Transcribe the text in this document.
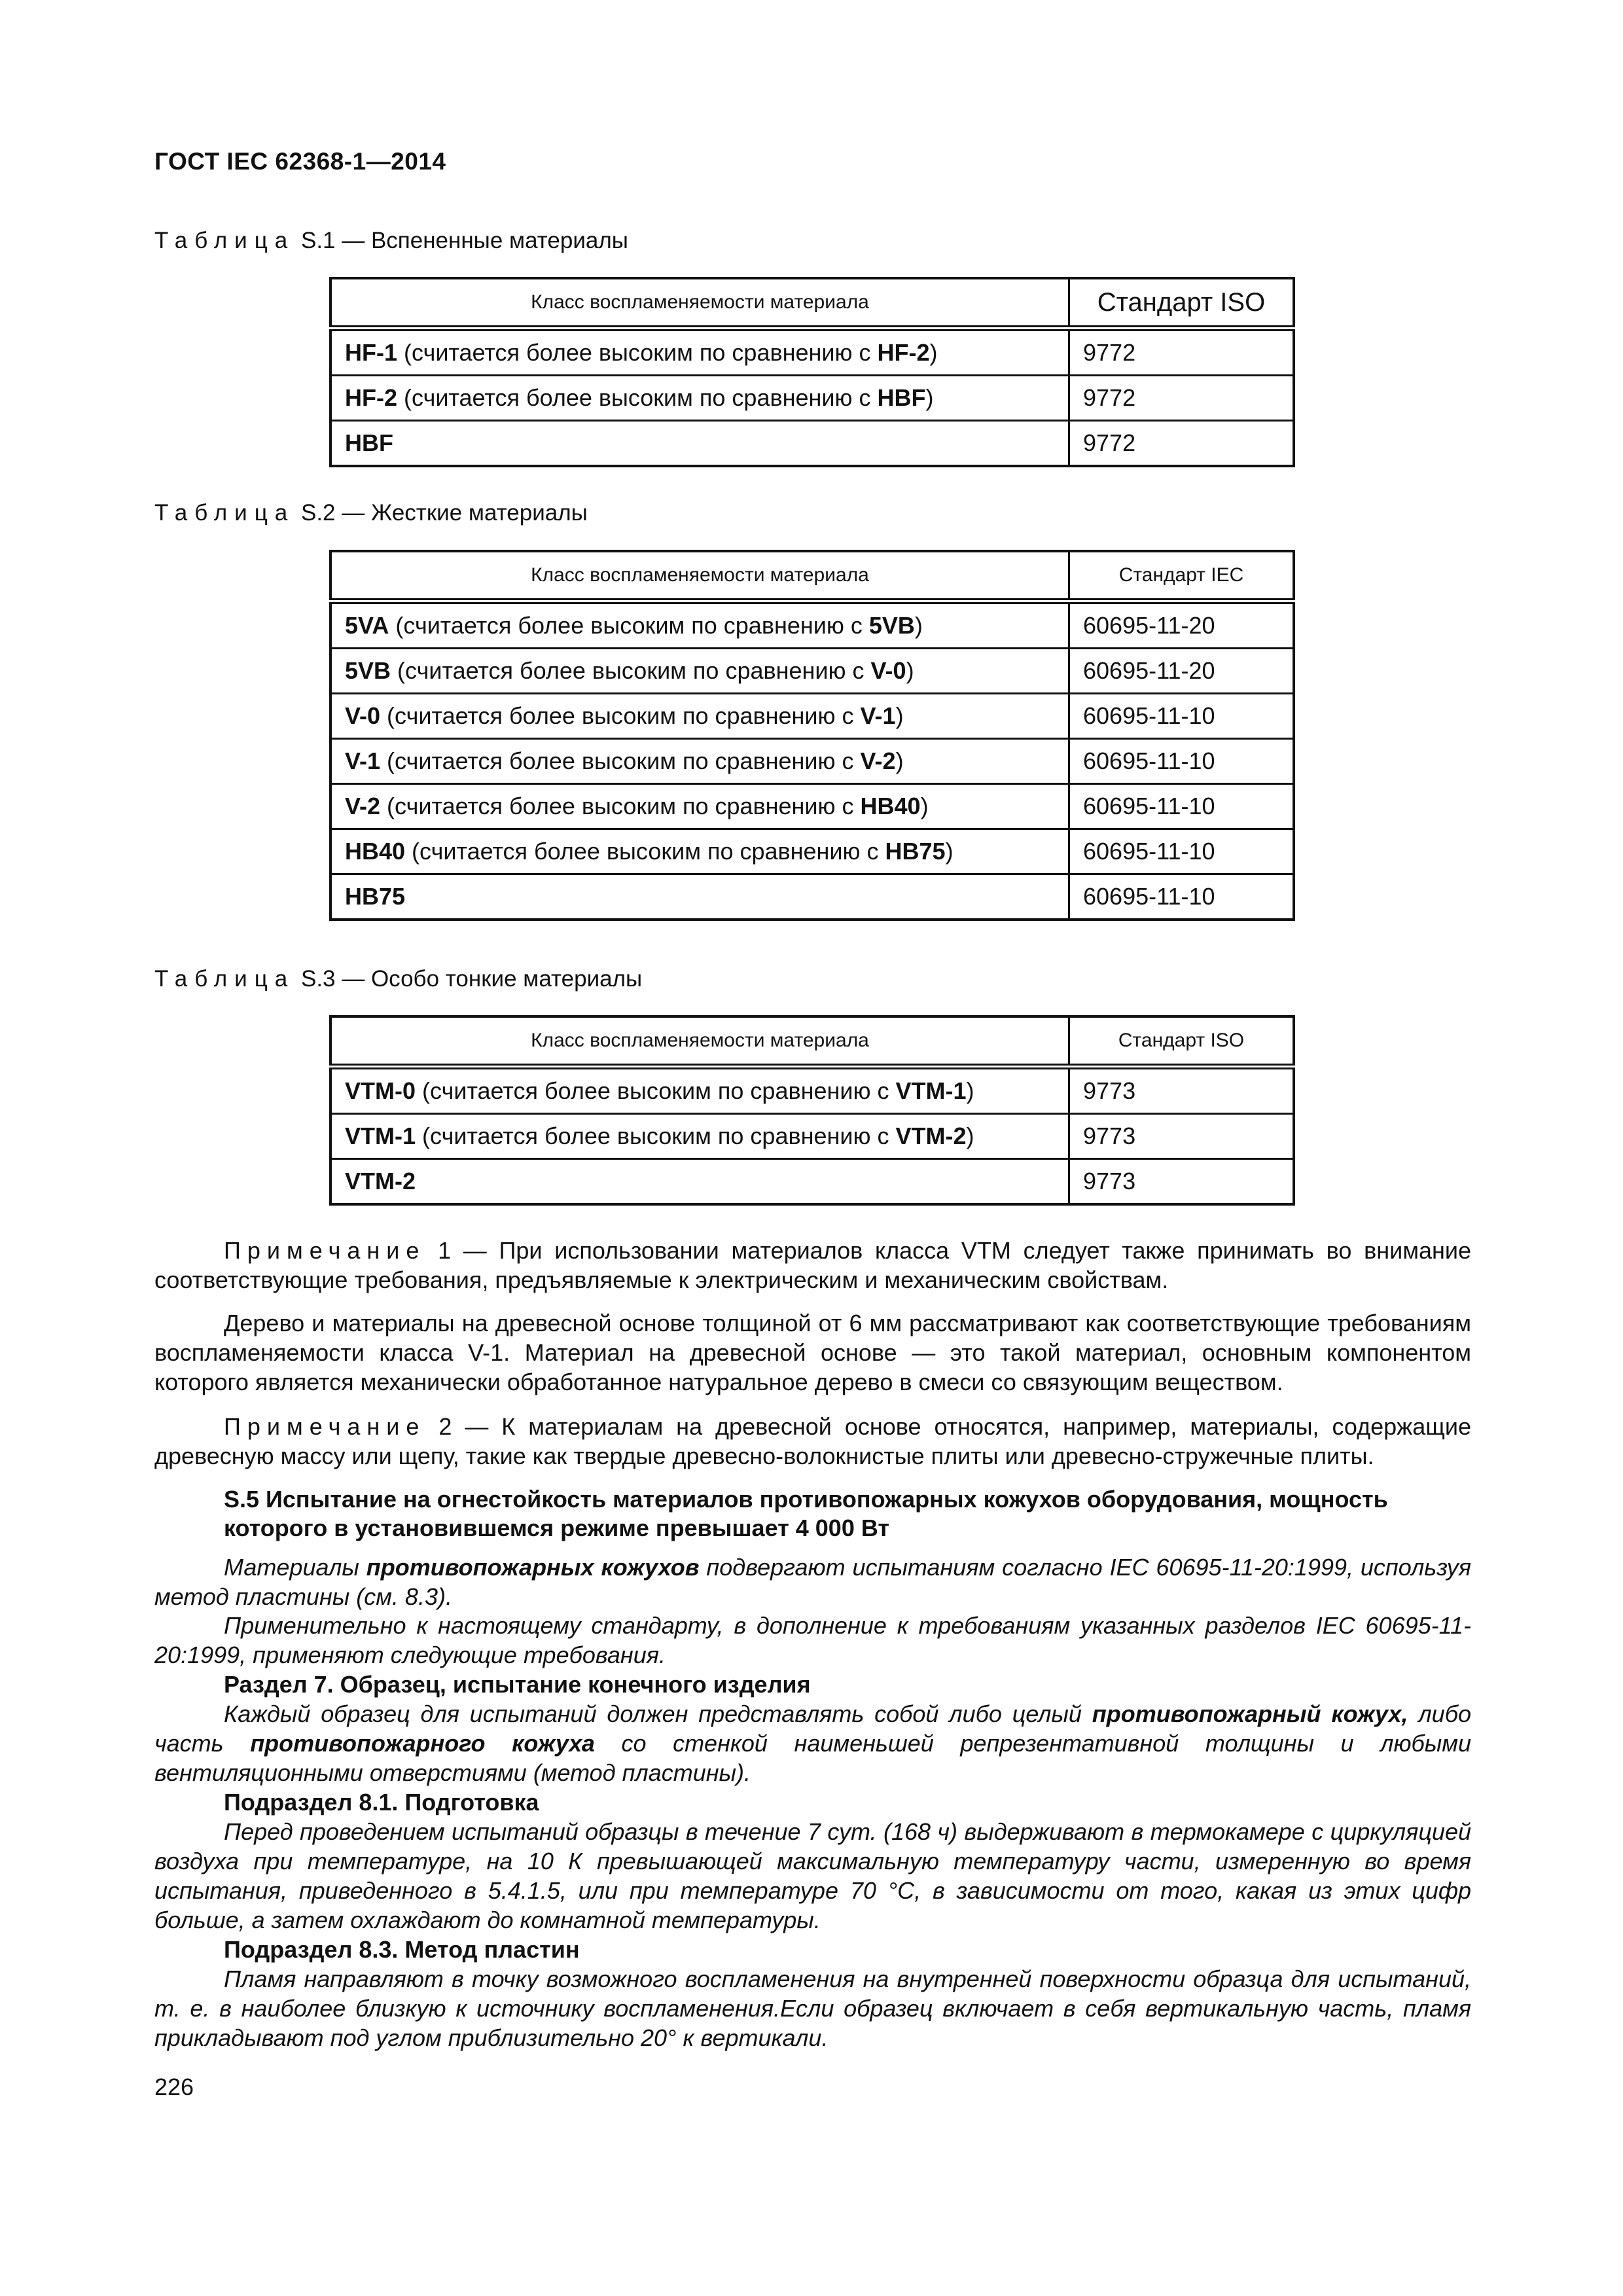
ГОСТ IEC 62368-1—2014
Таблица S.1 — Вспененные материалы
Класс воспламеняемости материала	Стандарт ISO
HF-1 (считается более высоким по сравнению с HF-2)	9772
HF-2 (считается более высоким по сравнению с HBF)	9772
HBF	9772
Таблица S.2 — Жесткие материалы
Класс воспламеняемости материала	Стандарт IEC
5VA (считается более высоким по сравнению с 5VB)	60695-11-20
5VB (считается более высоким по сравнению с V-0)	60695-11-20
V-0 (считается более высоким по сравнению с V-1)	60695-11-10
V-1 (считается более высоким по сравнению с V-2)	60695-11-10
V-2 (считается более высоким по сравнению с HB40)	60695-11-10
HB40 (считается более высоким по сравнению с HB75)	60695-11-10
HB75	60695-11-10
Таблица S.3 — Особо тонкие материалы
Класс воспламеняемости материала	Стандарт ISO
VTM-0 (считается более высоким по сравнению с VTM-1)	9773
VTM-1 (считается более высоким по сравнению с VTM-2)	9773
VTM-2	9773
Примечание 1 — При использовании материалов класса VTM следует также принимать во внимание соответствующие требования, предъявляемые к электрическим и механическим свойствам.
Дерево и материалы на древесной основе толщиной от 6 мм рассматривают как соответствующие требованиям воспламеняемости класса V-1. Материал на древесной основе — это такой материал, основным компонентом которого является механически обработанное натуральное дерево в смеси со связующим веществом.
Примечание 2 — К материалам на древесной основе относятся, например, материалы, содержащие древесную массу или щепу, такие как твердые древесно-волокнистые плиты или древесно-стружечные плиты.
S.5 Испытание на огнестойкость материалов противопожарных кожухов оборудования, мощность которого в установившемся режиме превышает 4 000 Вт
Материалы противопожарных кожухов подвергают испытаниям согласно IEC 60695-11-20:1999, используя метод пластины (см. 8.3).
Применительно к настоящему стандарту, в дополнение к требованиям указанных разделов IEC 60695-11-20:1999, применяют следующие требования.
Раздел 7. Образец, испытание конечного изделия
Каждый образец для испытаний должен представлять собой либо целый противопожарный кожух, либо часть противопожарного кожуха со стенкой наименьшей репрезентативной толщины и любыми вентиляционными отверстиями (метод пластины).
Подраздел 8.1. Подготовка
Перед проведением испытаний образцы в течение 7 сут. (168 ч) выдерживают в термокамере с циркуляцией воздуха при температуре, на 10 К превышающей максимальную температуру части, измеренную во время испытания, приведенного в 5.4.1.5, или при температуре 70 °С, в зависимости от того, какая из этих цифр больше, а затем охлаждают до комнатной температуры.
Подраздел 8.3. Метод пластин
Пламя направляют в точку возможного воспламенения на внутренней поверхности образца для испытаний, т. е. в наиболее близкую к источнику воспламенения.Если образец включает в себя вертикальную часть, пламя прикладывают под углом приблизительно 20° к вертикали.
226
